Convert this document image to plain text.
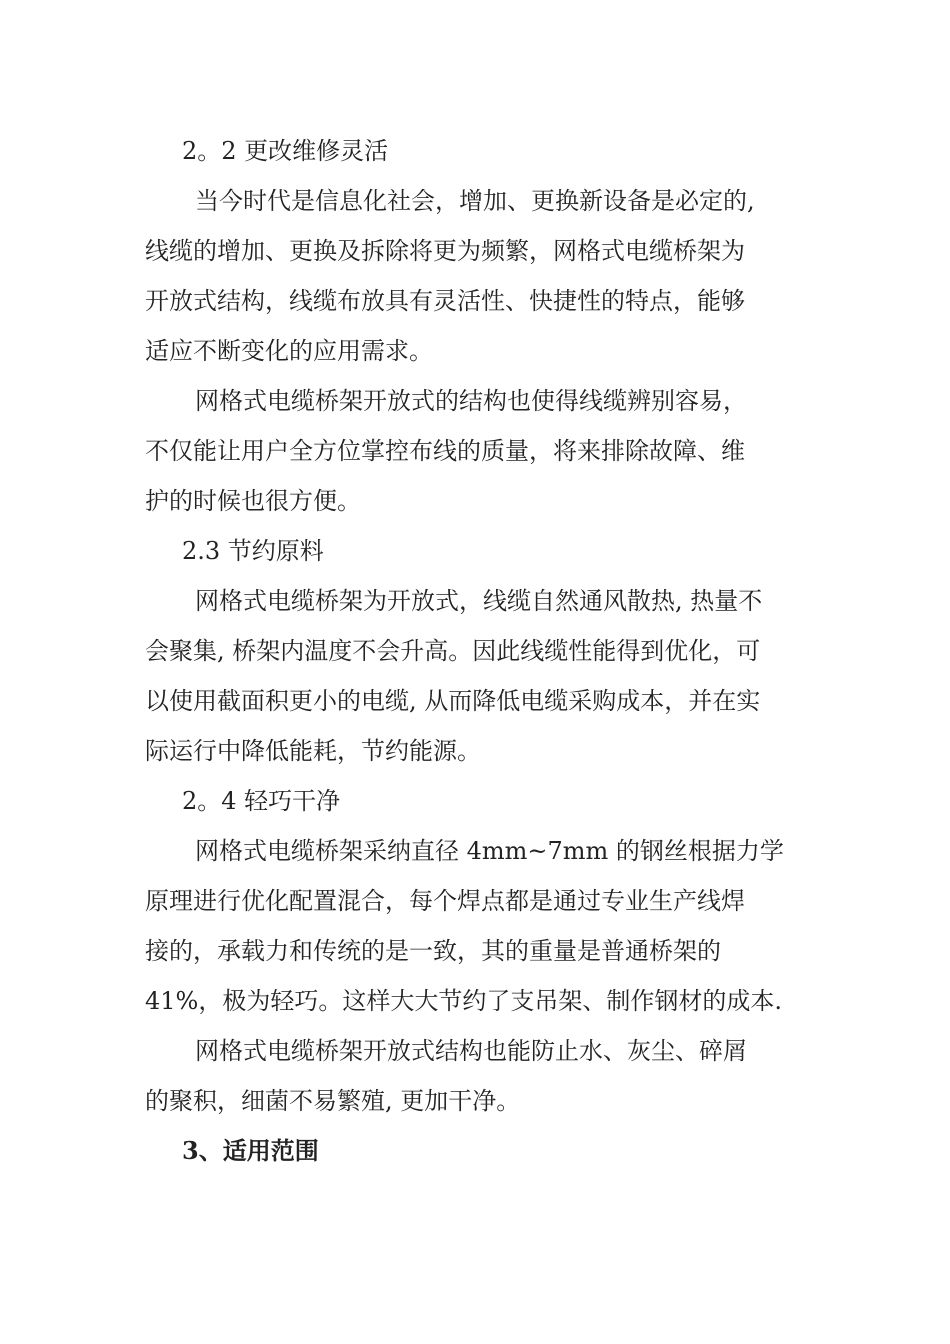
2。2 更改维修灵活
当今时代是信息化社会，增加、更换新设备是必定的,
线缆的增加、更换及拆除将更为频繁，网格式电缆桥架为
开放式结构，线缆布放具有灵活性、快捷性的特点，能够
适应不断变化的应用需求。
网格式电缆桥架开放式的结构也使得线缆辨别容易，
不仅能让用户全方位掌控布线的质量，将来排除故障、维
护的时候也很方便。
2.3 节约原料
网格式电缆桥架为开放式，线缆自然通风散热, 热量不
会聚集, 桥架内温度不会升高。因此线缆性能得到优化，可
以使用截面积更小的电缆, 从而降低电缆采购成本，并在实
际运行中降低能耗，节约能源。
2。4 轻巧干净
网格式电缆桥架采纳直径 4mm~7mm 的钢丝根据力学
原理进行优化配置混合，每个焊点都是通过专业生产线焊
接的，承载力和传统的是一致，其的重量是普通桥架的
41%，极为轻巧。这样大大节约了支吊架、制作钢材的成本.
网格式电缆桥架开放式结构也能防止水、灰尘、碎屑
的聚积，细菌不易繁殖, 更加干净。
3、适用范围
